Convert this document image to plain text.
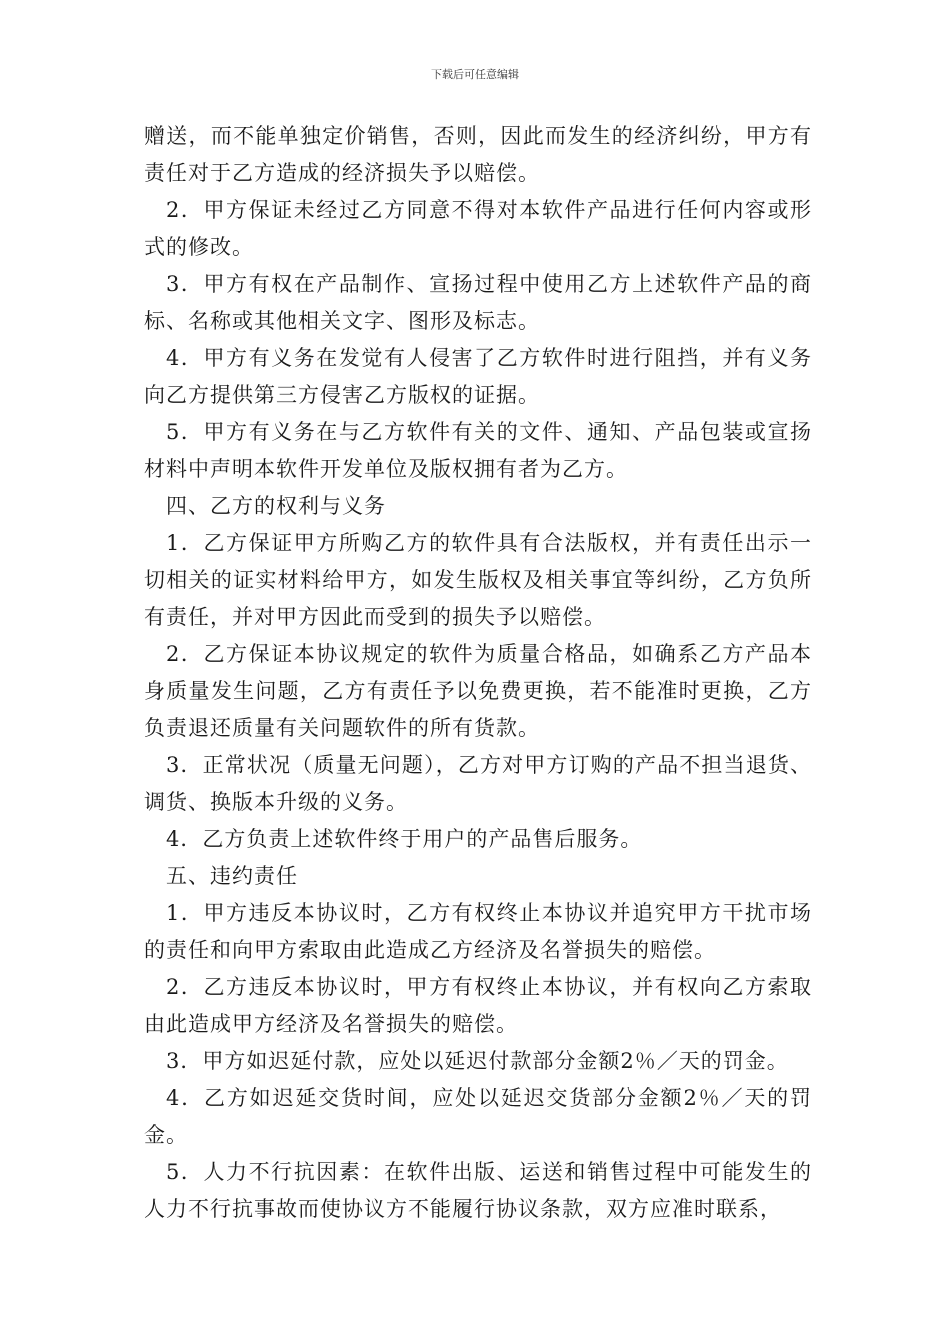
下载后可任意编辑

赠送，而不能单独定价销售，否则，因此而发生的经济纠纷，甲方有责任对于乙方造成的经济损失予以赔偿。

2．甲方保证未经过乙方同意不得对本软件产品进行任何内容或形式的修改。

3．甲方有权在产品制作、宣扬过程中使用乙方上述软件产品的商标、名称或其他相关文字、图形及标志。

4．甲方有义务在发觉有人侵害了乙方软件时进行阻挡，并有义务向乙方提供第三方侵害乙方版权的证据。

5．甲方有义务在与乙方软件有关的文件、通知、产品包装或宣扬材料中声明本软件开发单位及版权拥有者为乙方。

四、乙方的权利与义务

1．乙方保证甲方所购乙方的软件具有合法版权，并有责任出示一切相关的证实材料给甲方，如发生版权及相关事宜等纠纷，乙方负所有责任，并对甲方因此而受到的损失予以赔偿。

2．乙方保证本协议规定的软件为质量合格品，如确系乙方产品本身质量发生问题，乙方有责任予以免费更换，若不能准时更换，乙方负责退还质量有关问题软件的所有货款。

3．正常状况（质量无问题），乙方对甲方订购的产品不担当退货、调货、换版本升级的义务。

4．乙方负责上述软件终于用户的产品售后服务。

五、违约责任

1．甲方违反本协议时，乙方有权终止本协议并追究甲方干扰市场的责任和向甲方索取由此造成乙方经济及名誉损失的赔偿。

2．乙方违反本协议时，甲方有权终止本协议，并有权向乙方索取由此造成甲方经济及名誉损失的赔偿。

3．甲方如迟延付款，应处以延迟付款部分金额2％／天的罚金。

4．乙方如迟延交货时间，应处以延迟交货部分金额2％／天的罚金。

5．人力不行抗因素：在软件出版、运送和销售过程中可能发生的人力不行抗事故而使协议方不能履行协议条款，双方应准时联系，
